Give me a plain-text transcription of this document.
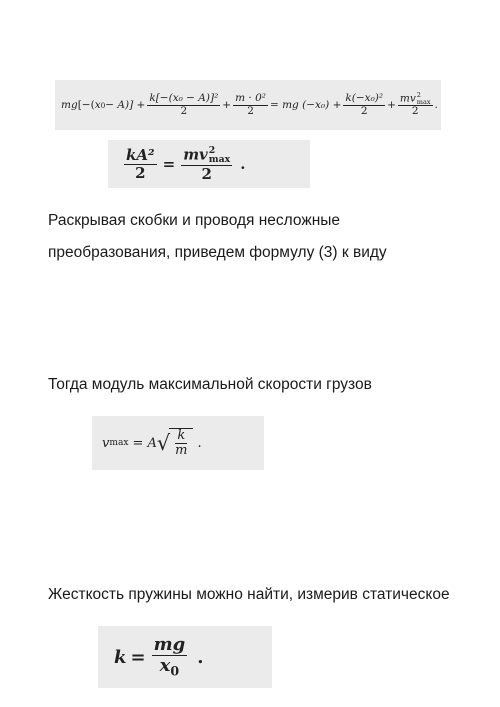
mg [−( x $0 - A)] + \frac{\text{k[−(x₀ − A)]²}}{2} + \frac{\text{m · 0²}}{2}$ = mg $(-x_0) + \frac{\text{k(−x₀)²}}{2}$ + mv 2
max
2 .
$\frac{\text{kA²}}{2}$ = mv 2
max
2 .

Раскрывая скобки и проводя несложные

преобразования, приведем формулу (3) к виду

Тогда модуль максимальной скорости грузов

v max = A √ $\frac{k}{m}$ .

Жесткость пружины можно найти, измерив статическое

$k = \frac{mg}{x_0}$ .
